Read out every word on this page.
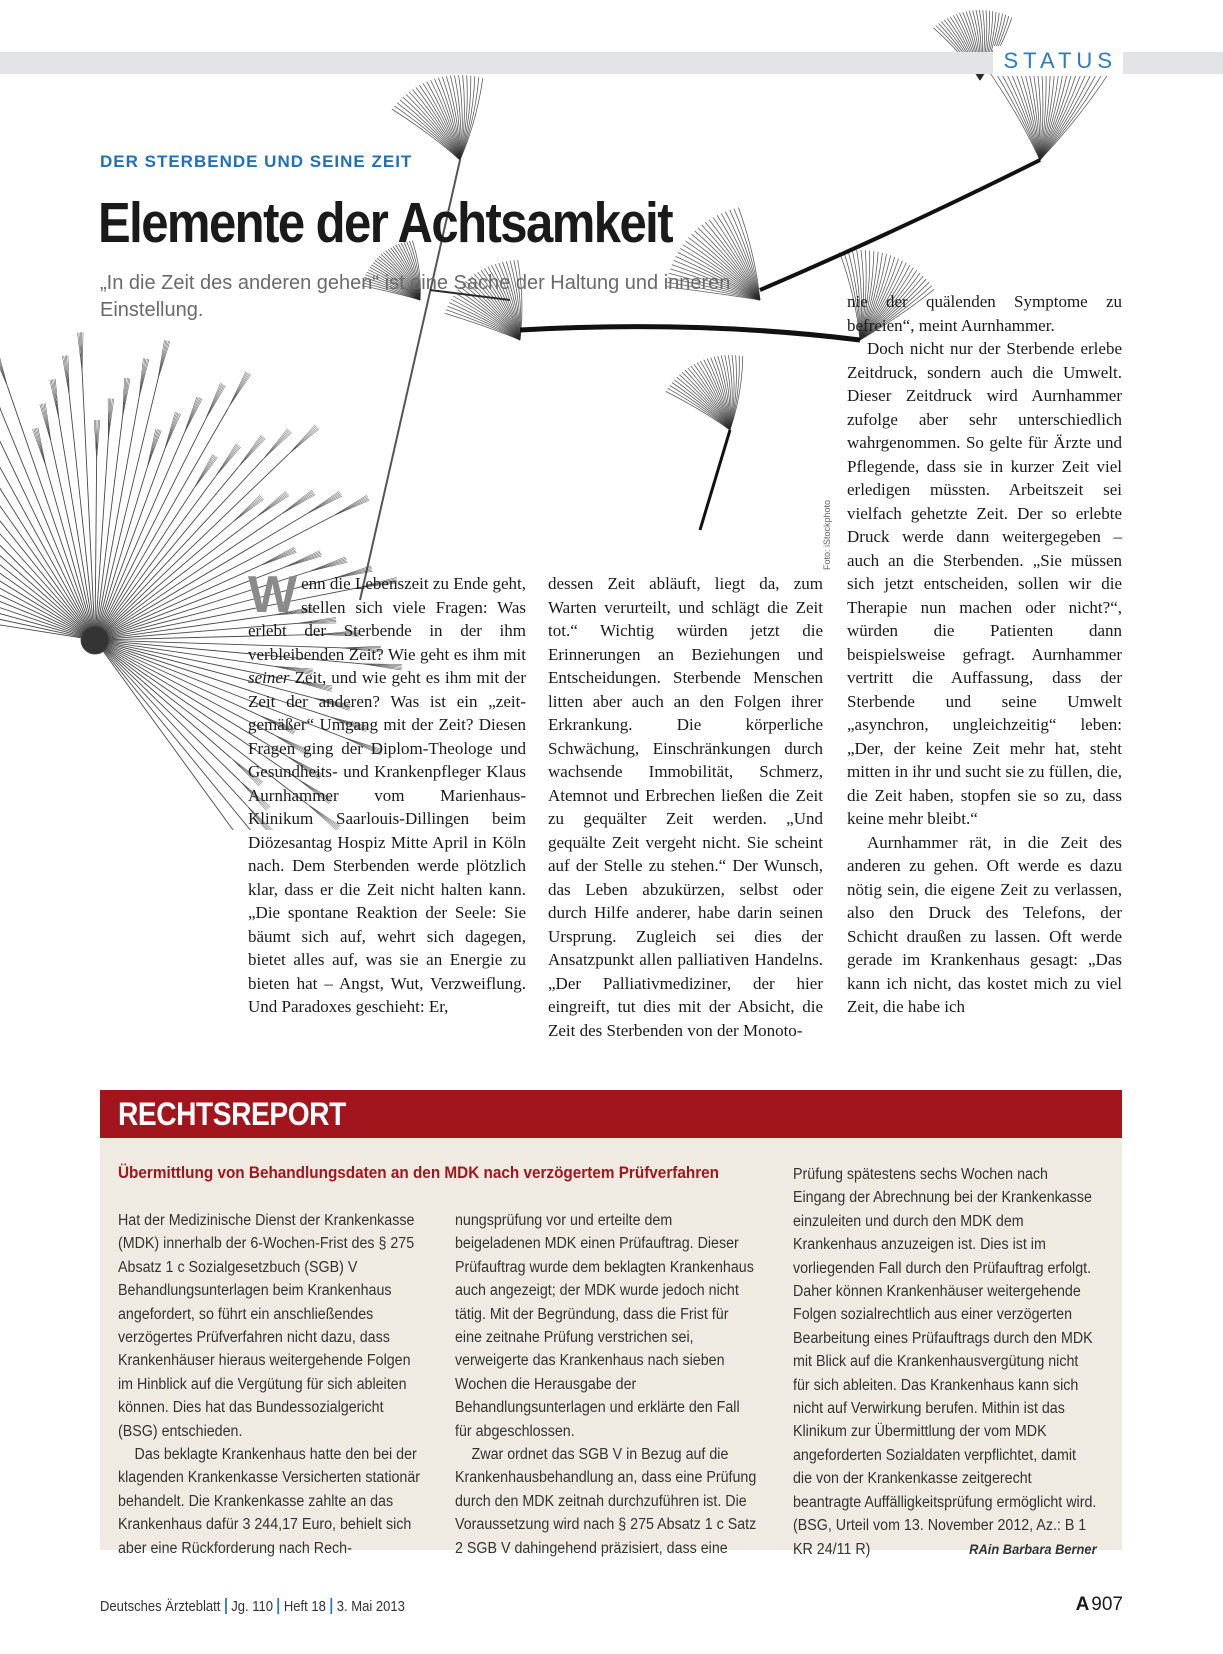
STATUS
Foto: iStockphoto
DER STERBENDE UND SEINE ZEIT
Elemente der Achtsamkeit
„In die Zeit des anderen gehen“ ist eine Sache der Haltung und inneren Einstellung.

Wenn die Lebenszeit zu Ende geht, stellen sich viele Fragen: Was erlebt der Sterbende in der ihm verbleibenden Zeit? Wie geht es ihm mit seiner Zeit, und wie geht es ihm mit der Zeit der anderen? Was ist ein „zeit-gemäßer“ Umgang mit der Zeit? Diesen Fragen ging der Diplom-Theologe und Gesundheits- und Krankenpfleger Klaus Aurnhammer vom Marienhaus-Klinikum Saarlouis-Dillingen beim Diözesantag Hospiz Mitte April in Köln nach. Dem Sterbenden werde plötzlich klar, dass er die Zeit nicht halten kann. „Die spontane Reaktion der Seele: Sie bäumt sich auf, wehrt sich dagegen, bietet alles auf, was sie an Energie zu bieten hat – Angst, Wut, Verzweiflung. Und Paradoxes geschieht: Er,

dessen Zeit abläuft, liegt da, zum Warten verurteilt, und schlägt die Zeit tot.“ Wichtig würden jetzt die Erinnerungen an Beziehungen und Entscheidungen. Sterbende Menschen litten aber auch an den Folgen ihrer Erkrankung. Die körperliche Schwächung, Einschränkungen durch wachsende Immobilität, Schmerz, Atemnot und Erbrechen ließen die Zeit zu gequälter Zeit werden. „Und gequälte Zeit vergeht nicht. Sie scheint auf der Stelle zu stehen.“ Der Wunsch, das Leben abzukürzen, selbst oder durch Hilfe anderer, habe darin seinen Ursprung. Zugleich sei dies der Ansatzpunkt allen palliativen Handelns. „Der Palliativmediziner, der hier eingreift, tut dies mit der Absicht, die Zeit des Sterbenden von der Monoto-

nie der quälenden Symptome zu befreien“, meint Aurnhammer.

Doch nicht nur der Sterbende erlebe Zeitdruck, sondern auch die Umwelt. Dieser Zeitdruck wird Aurnhammer zufolge aber sehr unterschiedlich wahrgenommen. So gelte für Ärzte und Pflegende, dass sie in kurzer Zeit viel erledigen müssten. Arbeitszeit sei vielfach gehetzte Zeit. Der so erlebte Druck werde dann weitergegeben – auch an die Sterbenden. „Sie müssen sich jetzt entscheiden, sollen wir die Therapie nun machen oder nicht?“, würden die Patienten dann beispielsweise gefragt. Aurnhammer vertritt die Auffassung, dass der Sterbende und seine Umwelt „asynchron, ungleichzeitig“ leben: „Der, der keine Zeit mehr hat, steht mitten in ihr und sucht sie zu füllen, die, die Zeit haben, stopfen sie so zu, dass keine mehr bleibt.“

Aurnhammer rät, in die Zeit des anderen zu gehen. Oft werde es dazu nötig sein, die eigene Zeit zu verlassen, also den Druck des Telefons, der Schicht draußen zu lassen. Oft werde gerade im Krankenhaus gesagt: „Das kann ich nicht, das kostet mich zu viel Zeit, die habe ich

RECHTSREPORT
Übermittlung von Behandlungsdaten an den MDK nach verzögertem Prüfverfahren

Hat der Medizinische Dienst der Krankenkasse (MDK) innerhalb der 6-Wochen-Frist des § 275 Absatz 1 c Sozialgesetzbuch (SGB) V Behandlungsunterlagen beim Krankenhaus angefordert, so führt ein anschließendes verzögertes Prüfverfahren nicht dazu, dass Krankenhäuser hieraus weitergehende Folgen im Hinblick auf die Vergütung für sich ableiten können. Dies hat das Bundessozialgericht (BSG) entschieden.

Das beklagte Krankenhaus hatte den bei der klagenden Krankenkasse Versicherten stationär behandelt. Die Krankenkasse zahlte an das Krankenhaus dafür 3 244,17 Euro, behielt sich aber eine Rückforderung nach Rech-

nungsprüfung vor und erteilte dem beigeladenen MDK einen Prüfauftrag. Dieser Prüfauftrag wurde dem beklagten Krankenhaus auch angezeigt; der MDK wurde jedoch nicht tätig. Mit der Begründung, dass die Frist für eine zeitnahe Prüfung verstrichen sei, verweigerte das Krankenhaus nach sieben Wochen die Herausgabe der Behandlungsunterlagen und erklärte den Fall für abgeschlossen.

Zwar ordnet das SGB V in Bezug auf die Krankenhausbehandlung an, dass eine Prüfung durch den MDK zeitnah durchzuführen ist. Die Voraussetzung wird nach § 275 Absatz 1 c Satz 2 SGB V dahingehend präzisiert, dass eine

Prüfung spätestens sechs Wochen nach Eingang der Abrechnung bei der Krankenkasse einzuleiten und durch den MDK dem Krankenhaus anzuzeigen ist. Dies ist im vorliegenden Fall durch den Prüfauftrag erfolgt. Daher können Krankenhäuser weitergehende Folgen sozialrechtlich aus einer verzögerten Bearbeitung eines Prüfauftrags durch den MDK mit Blick auf die Krankenhausvergütung nicht für sich ableiten. Das Krankenhaus kann sich nicht auf Verwirkung berufen. Mithin ist das Klinikum zur Übermittlung der vom MDK angeforderten Sozialdaten verpflichtet, damit die von der Krankenkasse zeitgerecht beantragte Auffälligkeitsprüfung ermöglicht wird.

(BSG, Urteil vom 13. November 2012, Az.: B 1 KR 24/11 R)	RAin Barbara Berner

Deutsches Ärzteblatt Jg. 110 Heft 18 3. Mai 2013	A 907
